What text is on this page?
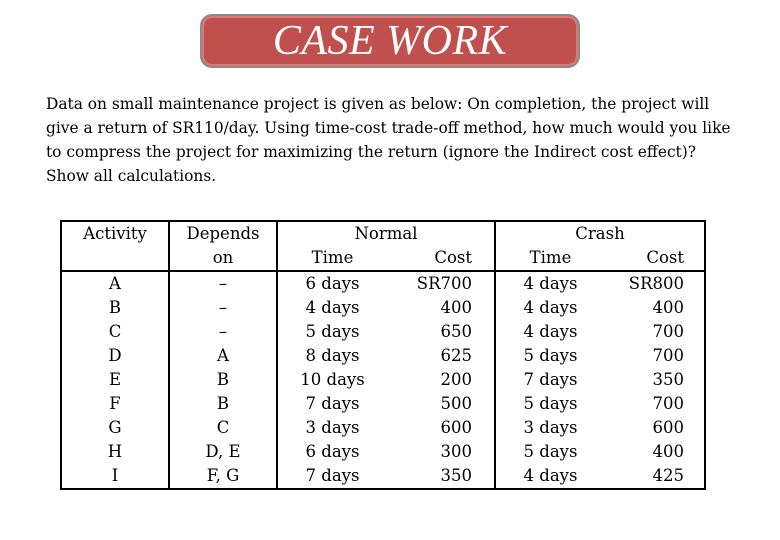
CASE WORK
Data on small maintenance project is given as below: On completion, the project will give a return of SR110/day. Using time-cost trade-off method, how much would you like to compress the project for maximizing the return (ignore the Indirect cost effect)? Show all calculations.
Activity	Depends	Normal		Crash	
	on	Time	Cost	Time	Cost
A	–	6 days	SR700	4 days	SR800
B	–	4 days	400	4 days	400
C	–	5 days	650	4 days	700
D	A	8 days	625	5 days	700
E	B	10 days	200	7 days	350
F	B	7 days	500	5 days	700
G	C	3 days	600	3 days	600
H	D, E	6 days	300	5 days	400
I	F, G	7 days	350	4 days	425
